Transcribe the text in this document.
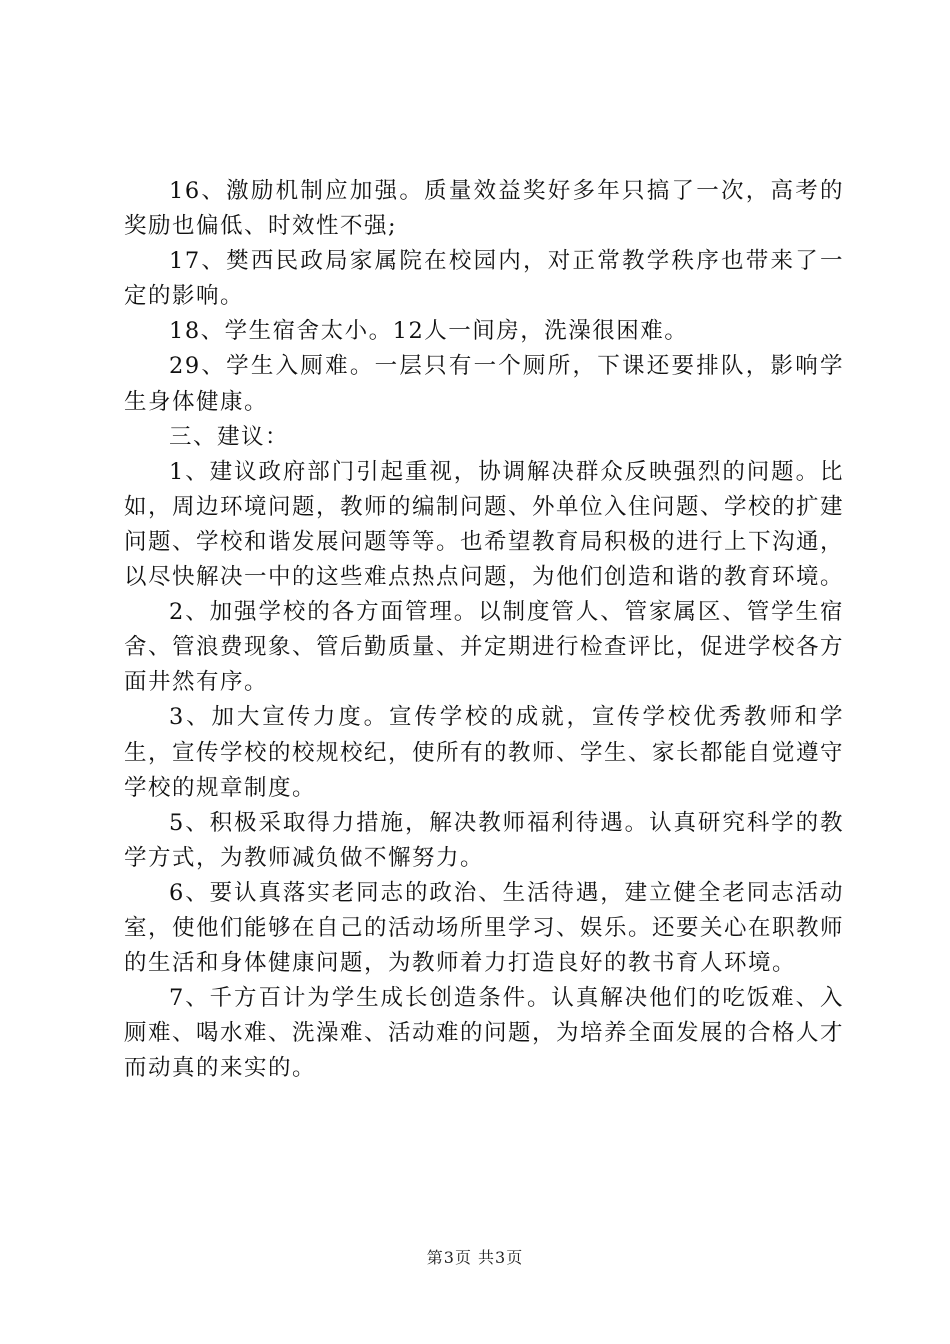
16、激励机制应加强。质量效益奖好多年只搞了一次，高考的奖励也偏低、时效性不强;

17、樊西民政局家属院在校园内，对正常教学秩序也带来了一定的影响。

18、学生宿舍太小。12人一间房，洗澡很困难。

29、学生入厕难。一层只有一个厕所，下课还要排队，影响学生身体健康。

三、建议：

1、建议政府部门引起重视，协调解决群众反映强烈的问题。比如，周边环境问题，教师的编制问题、外单位入住问题、学校的扩建问题、学校和谐发展问题等等。也希望教育局积极的进行上下沟通，以尽快解决一中的这些难点热点问题，为他们创造和谐的教育环境。

2、加强学校的各方面管理。以制度管人、管家属区、管学生宿舍、管浪费现象、管后勤质量、并定期进行检查评比，促进学校各方面井然有序。

3、加大宣传力度。宣传学校的成就，宣传学校优秀教师和学生，宣传学校的校规校纪，使所有的教师、学生、家长都能自觉遵守学校的规章制度。

5、积极采取得力措施，解决教师福利待遇。认真研究科学的教学方式，为教师减负做不懈努力。

6、要认真落实老同志的政治、生活待遇，建立健全老同志活动室，使他们能够在自己的活动场所里学习、娱乐。还要关心在职教师的生活和身体健康问题，为教师着力打造良好的教书育人环境。

7、千方百计为学生成长创造条件。认真解决他们的吃饭难、入厕难、喝水难、洗澡难、活动难的问题，为培养全面发展的合格人才而动真的来实的。

第3页 共3页
